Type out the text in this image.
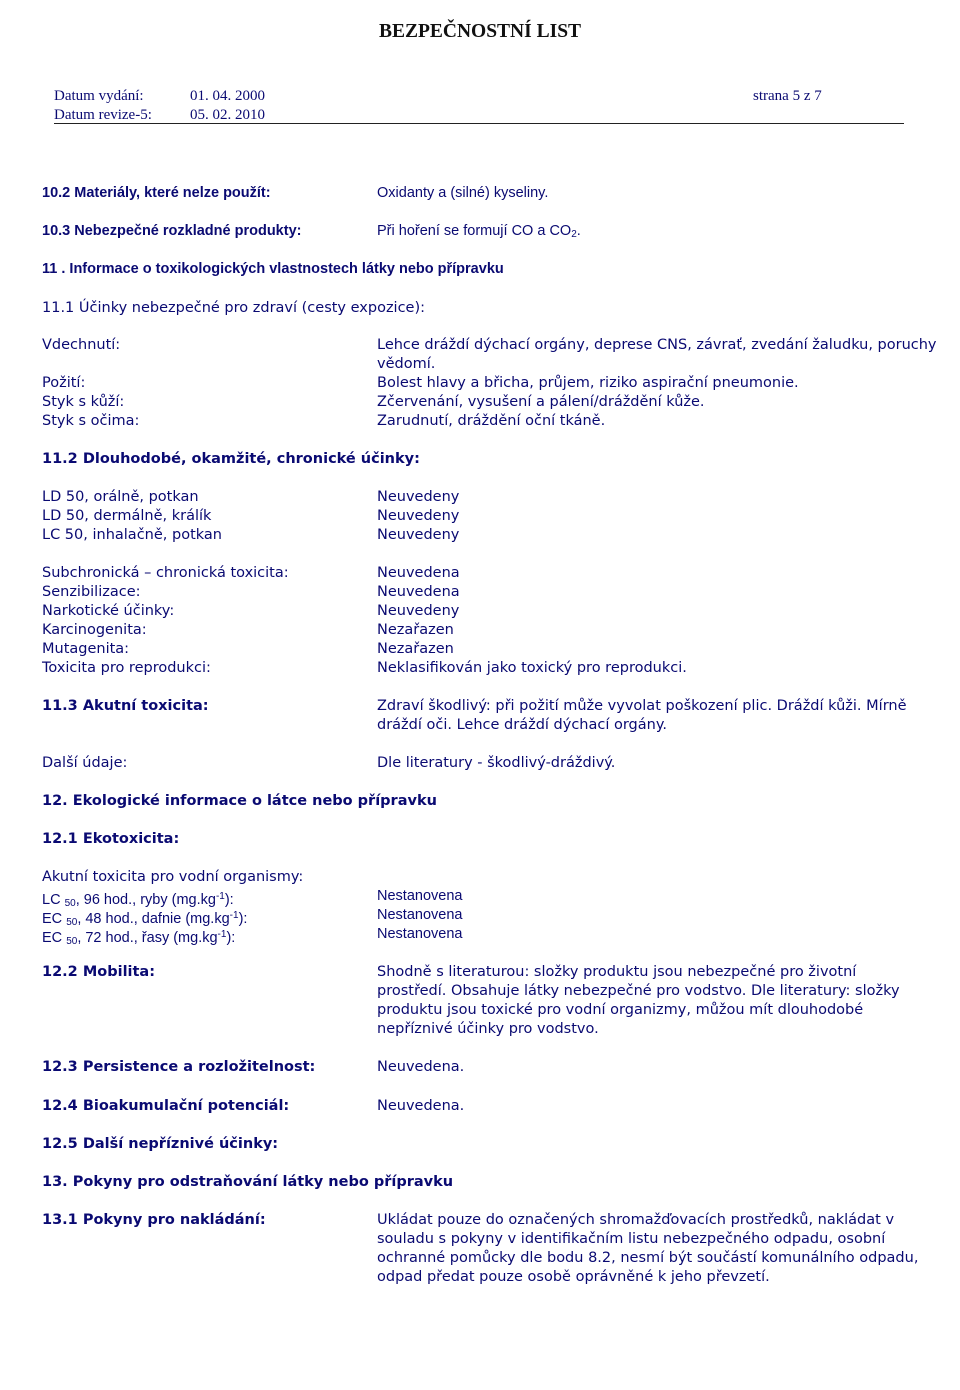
BEZPEČNOSTNÍ LIST
Datum vydání:	01. 04. 2000
Datum revize-5:	05. 02. 2010
strana 5 z 7
10.2 Materiály, které nelze použít:	Oxidanty a (silné) kyseliny.
10.3 Nebezpečné rozkladné produkty:	Při hoření se formují CO a $CO_2$.
11 . Informace o toxikologických vlastnostech látky nebo přípravku
11.1 Účinky nebezpečné pro zdraví (cesty expozice):
Vdechnutí:	Lehce dráždí dýchací orgány, deprese CNS, závrať, zvedání žaludku, poruchy
vědomí.
Požití:	Bolest hlavy a břicha, průjem, riziko aspirační pneumonie.
Styk s kůží:	Zčervenání, vysušení a pálení/dráždění kůže.
Styk s očima:	Zarudnutí, dráždění oční tkáně.
11.2 Dlouhodobé, okamžité, chronické účinky:
LD 50, orálně, potkan	Neuvedeny
LD 50, dermálně, králík	Neuvedeny
LC 50, inhalačně, potkan	Neuvedeny
Subchronická – chronická toxicita:	Neuvedena
Senzibilizace:	Neuvedena
Narkotické účinky:	Neuvedeny
Karcinogenita:	Nezařazen
Mutagenita:	Nezařazen
Toxicita pro reprodukci:	Neklasifikován jako toxický pro reprodukci.
11.3 Akutní toxicita:	Zdraví škodlivý: při požití může vyvolat poškození plic. Dráždí kůži. Mírně dráždí oči. Lehce dráždí dýchací orgány.
Další údaje:	Dle literatury - škodlivý-dráždivý.
12. Ekologické informace o látce nebo přípravku
12.1 Ekotoxicita:
Akutní toxicita pro vodní organismy:
LC $_{50}$, 96 hod., ryby $(mg.kg^{-1})$:	Nestanovena
EC $_{50}$, 48 hod., dafnie $(mg.kg^{-1})$:	Nestanovena
EC $_{50}$, 72 hod., řasy $(mg.kg^{-1})$:	Nestanovena
12.2 Mobilita:	Shodně s literaturou: složky produktu jsou nebezpečné pro životní prostředí. Obsahuje látky nebezpečné pro vodstvo. Dle literatury: složky produktu jsou toxické pro vodní organizmy, můžou mít dlouhodobé nepříznivé účinky pro vodstvo.
12.3 Persistence a rozložitelnost:	Neuvedena.
12.4 Bioakumulační potenciál:	Neuvedena.
12.5 Další nepříznivé účinky:
13. Pokyny pro odstraňování látky nebo přípravku
13.1 Pokyny pro nakládání:	Ukládat pouze do označených shromažďovacích prostředků, nakládat v souladu s pokyny v identifikačním listu nebezpečného odpadu, osobní ochranné pomůcky dle bodu 8.2, nesmí být součástí komunálního odpadu, odpad předat pouze osobě oprávněné k jeho převzetí.
